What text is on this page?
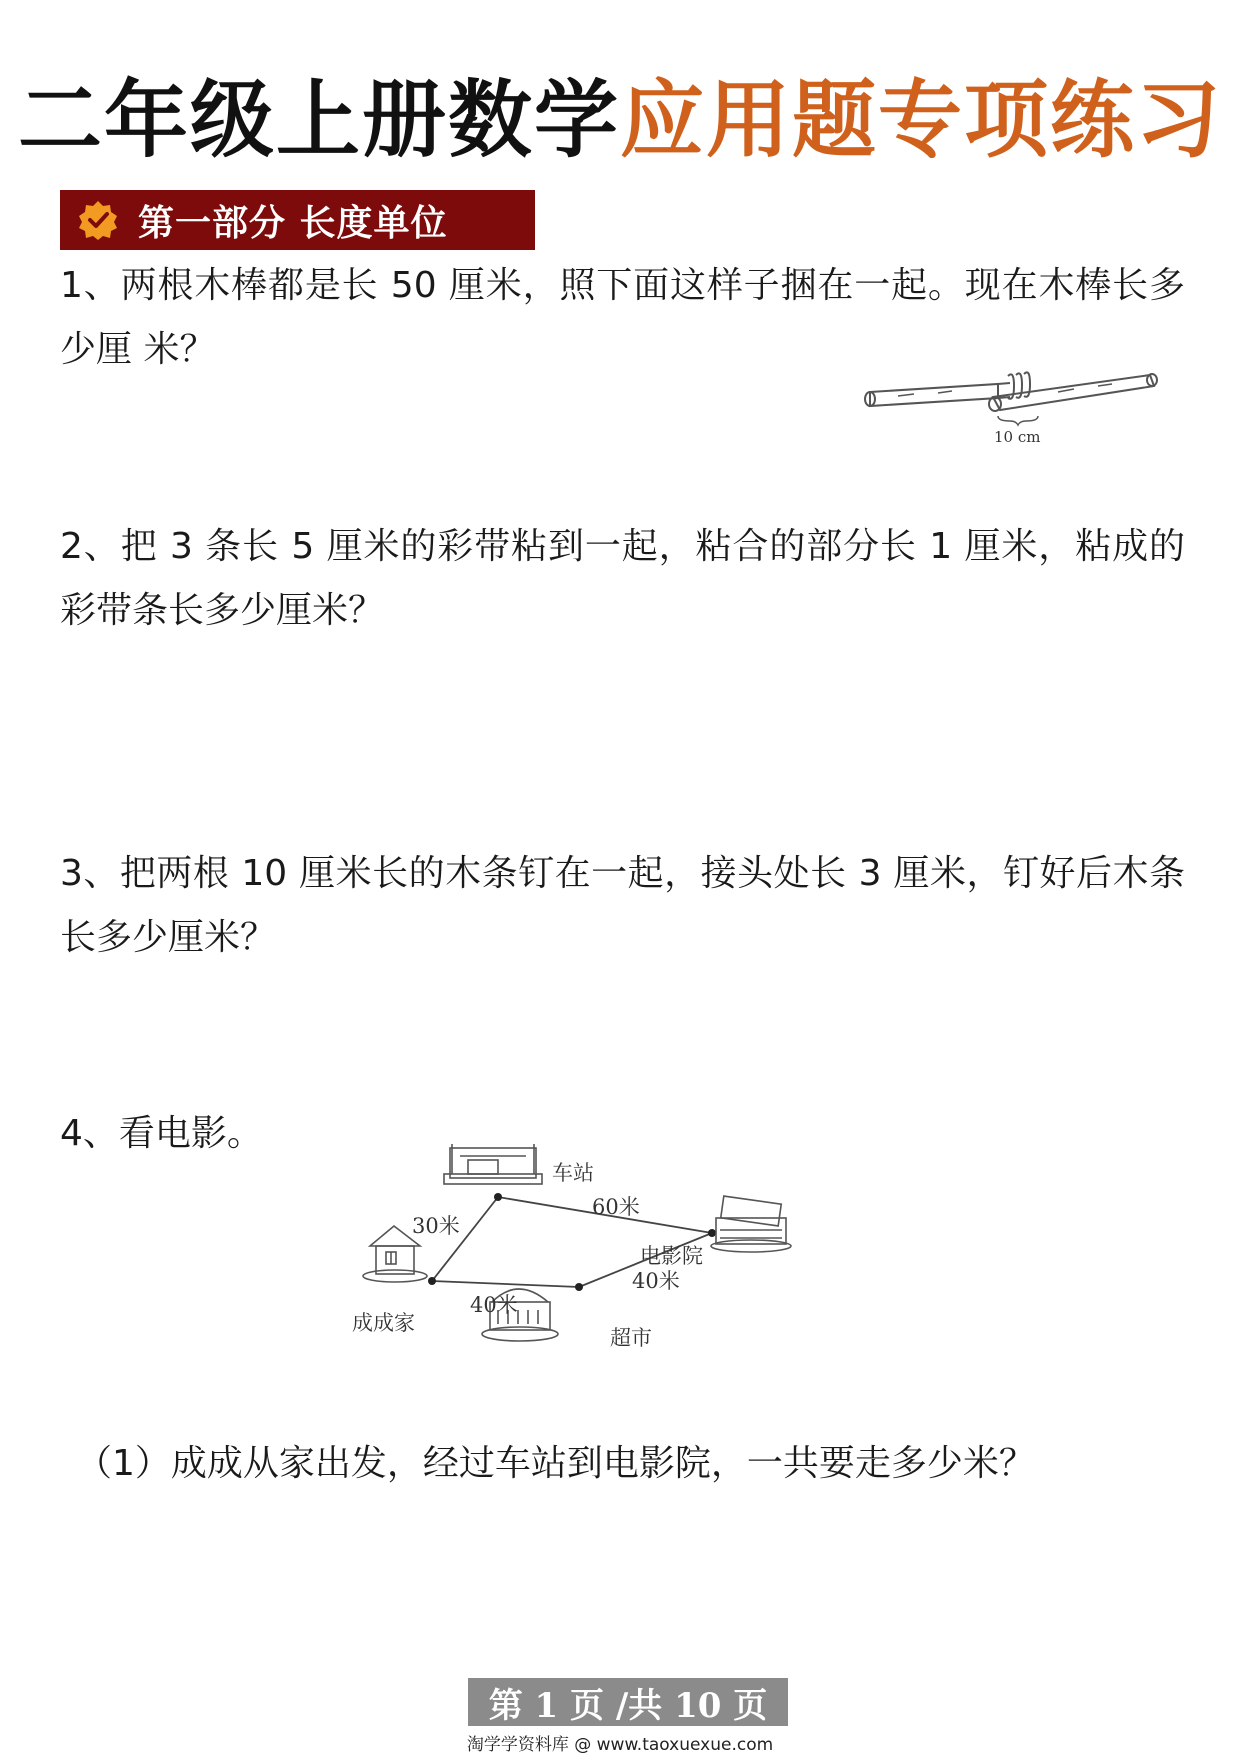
二年级上册数学应用题专项练习
第一部分 长度单位
1、两根木棒都是长 50 厘米，照下面这样子捆在一起。现在木棒长多少厘 米？
10 cm
2、把 3 条长 5 厘米的彩带粘到一起，粘合的部分长 1 厘米，粘成的彩带条长多少厘米？
3、把两根 10 厘米长的木条钉在一起，接头处长 3 厘米，钉好后木条长多少厘米？
4、看电影。
车站
电影院
成成家
超市
30米
60米
40米
40米
（1）成成从家出发，经过车站到电影院，一共要走多少米？
第 1 页 /共 10 页
淘学学资料库 @ www.taoxuexue.com
